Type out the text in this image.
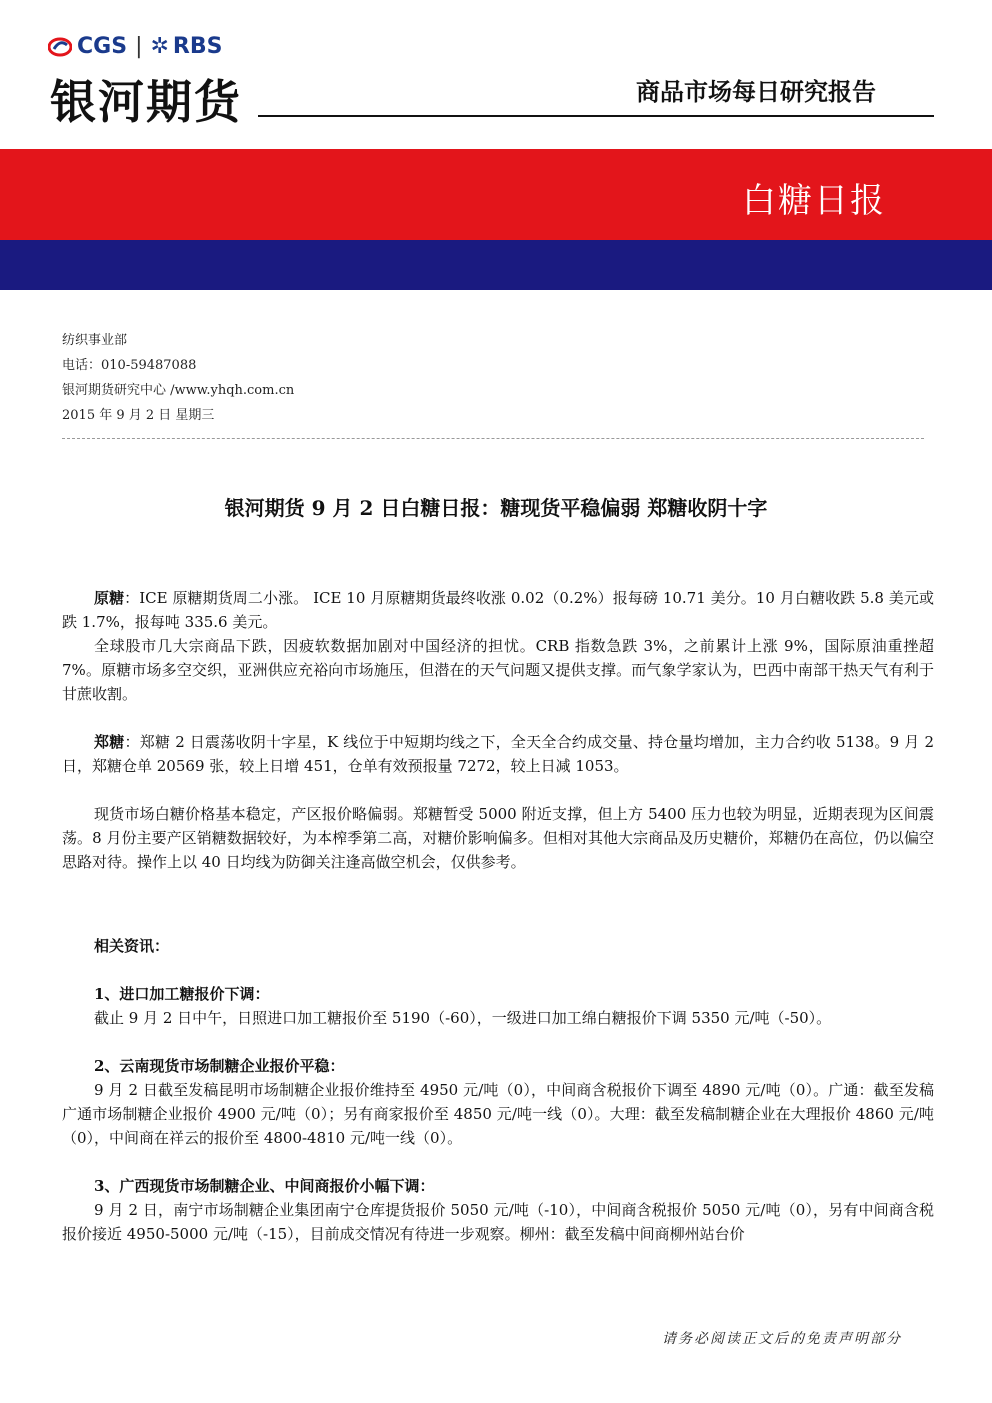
CGS | ✲ RBS
银河期货	商品市场每日研究报告
白糖日报
纺织事业部
电话：010-59487088
银河期货研究中心 /www.yhqh.com.cn
2015 年 9 月 2 日 星期三
银河期货 9 月 2 日白糖日报：糖现货平稳偏弱 郑糖收阴十字

原糖：ICE 原糖期货周二小涨。 ICE 10 月原糖期货最终收涨 0.02（0.2%）报每磅 10.71 美分。10 月白糖收跌 5.8 美元或跌 1.7%，报每吨 335.6 美元。

全球股市几大宗商品下跌，因疲软数据加剧对中国经济的担忧。CRB 指数急跌 3%，之前累计上涨 9%，国际原油重挫超 7%。原糖市场多空交织，亚洲供应充裕向市场施压，但潜在的天气问题又提供支撑。而气象学家认为，巴西中南部干热天气有利于甘蔗收割。

郑糖：郑糖 2 日震荡收阴十字星，K 线位于中短期均线之下，全天全合约成交量、持仓量均增加，主力合约收 5138。9 月 2 日，郑糖仓单 20569 张，较上日增 451，仓单有效预报量 7272，较上日减 1053。

现货市场白糖价格基本稳定，产区报价略偏弱。郑糖暂受 5000 附近支撑，但上方 5400 压力也较为明显，近期表现为区间震荡。8 月份主要产区销糖数据较好，为本榨季第二高，对糖价影响偏多。但相对其他大宗商品及历史糖价，郑糖仍在高位，仍以偏空思路对待。操作上以 40 日均线为防御关注逢高做空机会，仅供参考。

相关资讯：
1、进口加工糖报价下调：

截止 9 月 2 日中午，日照进口加工糖报价至 5190（-60），一级进口加工绵白糖报价下调 5350 元/吨（-50）。

2、云南现货市场制糖企业报价平稳：

9 月 2 日截至发稿昆明市场制糖企业报价维持至 4950 元/吨（0），中间商含税报价下调至 4890 元/吨（0）。广通：截至发稿广通市场制糖企业报价 4900 元/吨（0）；另有商家报价至 4850 元/吨一线（0）。大理：截至发稿制糖企业在大理报价 4860 元/吨（0），中间商在祥云的报价至 4800-4810 元/吨一线（0）。

3、广西现货市场制糖企业、中间商报价小幅下调：

9 月 2 日，南宁市场制糖企业集团南宁仓库提货报价 5050 元/吨（-10），中间商含税报价 5050 元/吨（0），另有中间商含税报价接近 4950-5000 元/吨（-15），目前成交情况有待进一步观察。柳州：截至发稿中间商柳州站台价

请务必阅读正文后的免责声明部分
